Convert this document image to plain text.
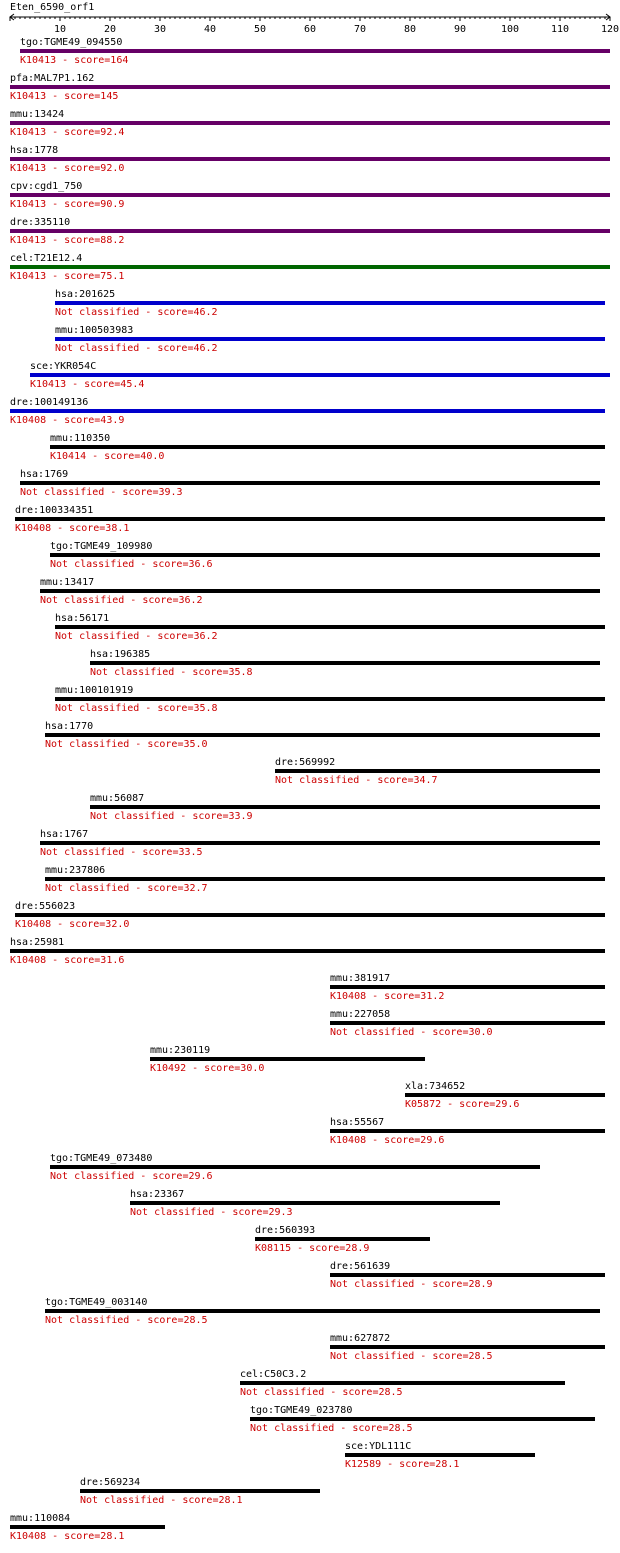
Eten_6590_orf1
10	20	30	40	50	60	70	80	90	100	110	120
tgo:TGME49_094550
K10413 - score=164
pfa:MAL7P1.162
K10413 - score=145
mmu:13424
K10413 - score=92.4
hsa:1778
K10413 - score=92.0
cpv:cgd1_750
K10413 - score=90.9
dre:335110
K10413 - score=88.2
cel:T21E12.4
K10413 - score=75.1
hsa:201625
Not classified - score=46.2
mmu:100503983
Not classified - score=46.2
sce:YKR054C
K10413 - score=45.4
dre:100149136
K10408 - score=43.9
mmu:110350
K10414 - score=40.0
hsa:1769
Not classified - score=39.3
dre:100334351
K10408 - score=38.1
tgo:TGME49_109980
Not classified - score=36.6
mmu:13417
Not classified - score=36.2
hsa:56171
Not classified - score=36.2
hsa:196385
Not classified - score=35.8
mmu:100101919
Not classified - score=35.8
hsa:1770
Not classified - score=35.0
dre:569992
Not classified - score=34.7
mmu:56087
Not classified - score=33.9
hsa:1767
Not classified - score=33.5
mmu:237806
Not classified - score=32.7
dre:556023
K10408 - score=32.0
hsa:25981
K10408 - score=31.6
mmu:381917
K10408 - score=31.2
mmu:227058
Not classified - score=30.0
mmu:230119
K10492 - score=30.0
xla:734652
K05872 - score=29.6
hsa:55567
K10408 - score=29.6
tgo:TGME49_073480
Not classified - score=29.6
hsa:23367
Not classified - score=29.3
dre:560393
K08115 - score=28.9
dre:561639
Not classified - score=28.9
tgo:TGME49_003140
Not classified - score=28.5
mmu:627872
Not classified - score=28.5
cel:C50C3.2
Not classified - score=28.5
tgo:TGME49_023780
Not classified - score=28.5
sce:YDL111C
K12589 - score=28.1
dre:569234
Not classified - score=28.1
mmu:110084
K10408 - score=28.1
